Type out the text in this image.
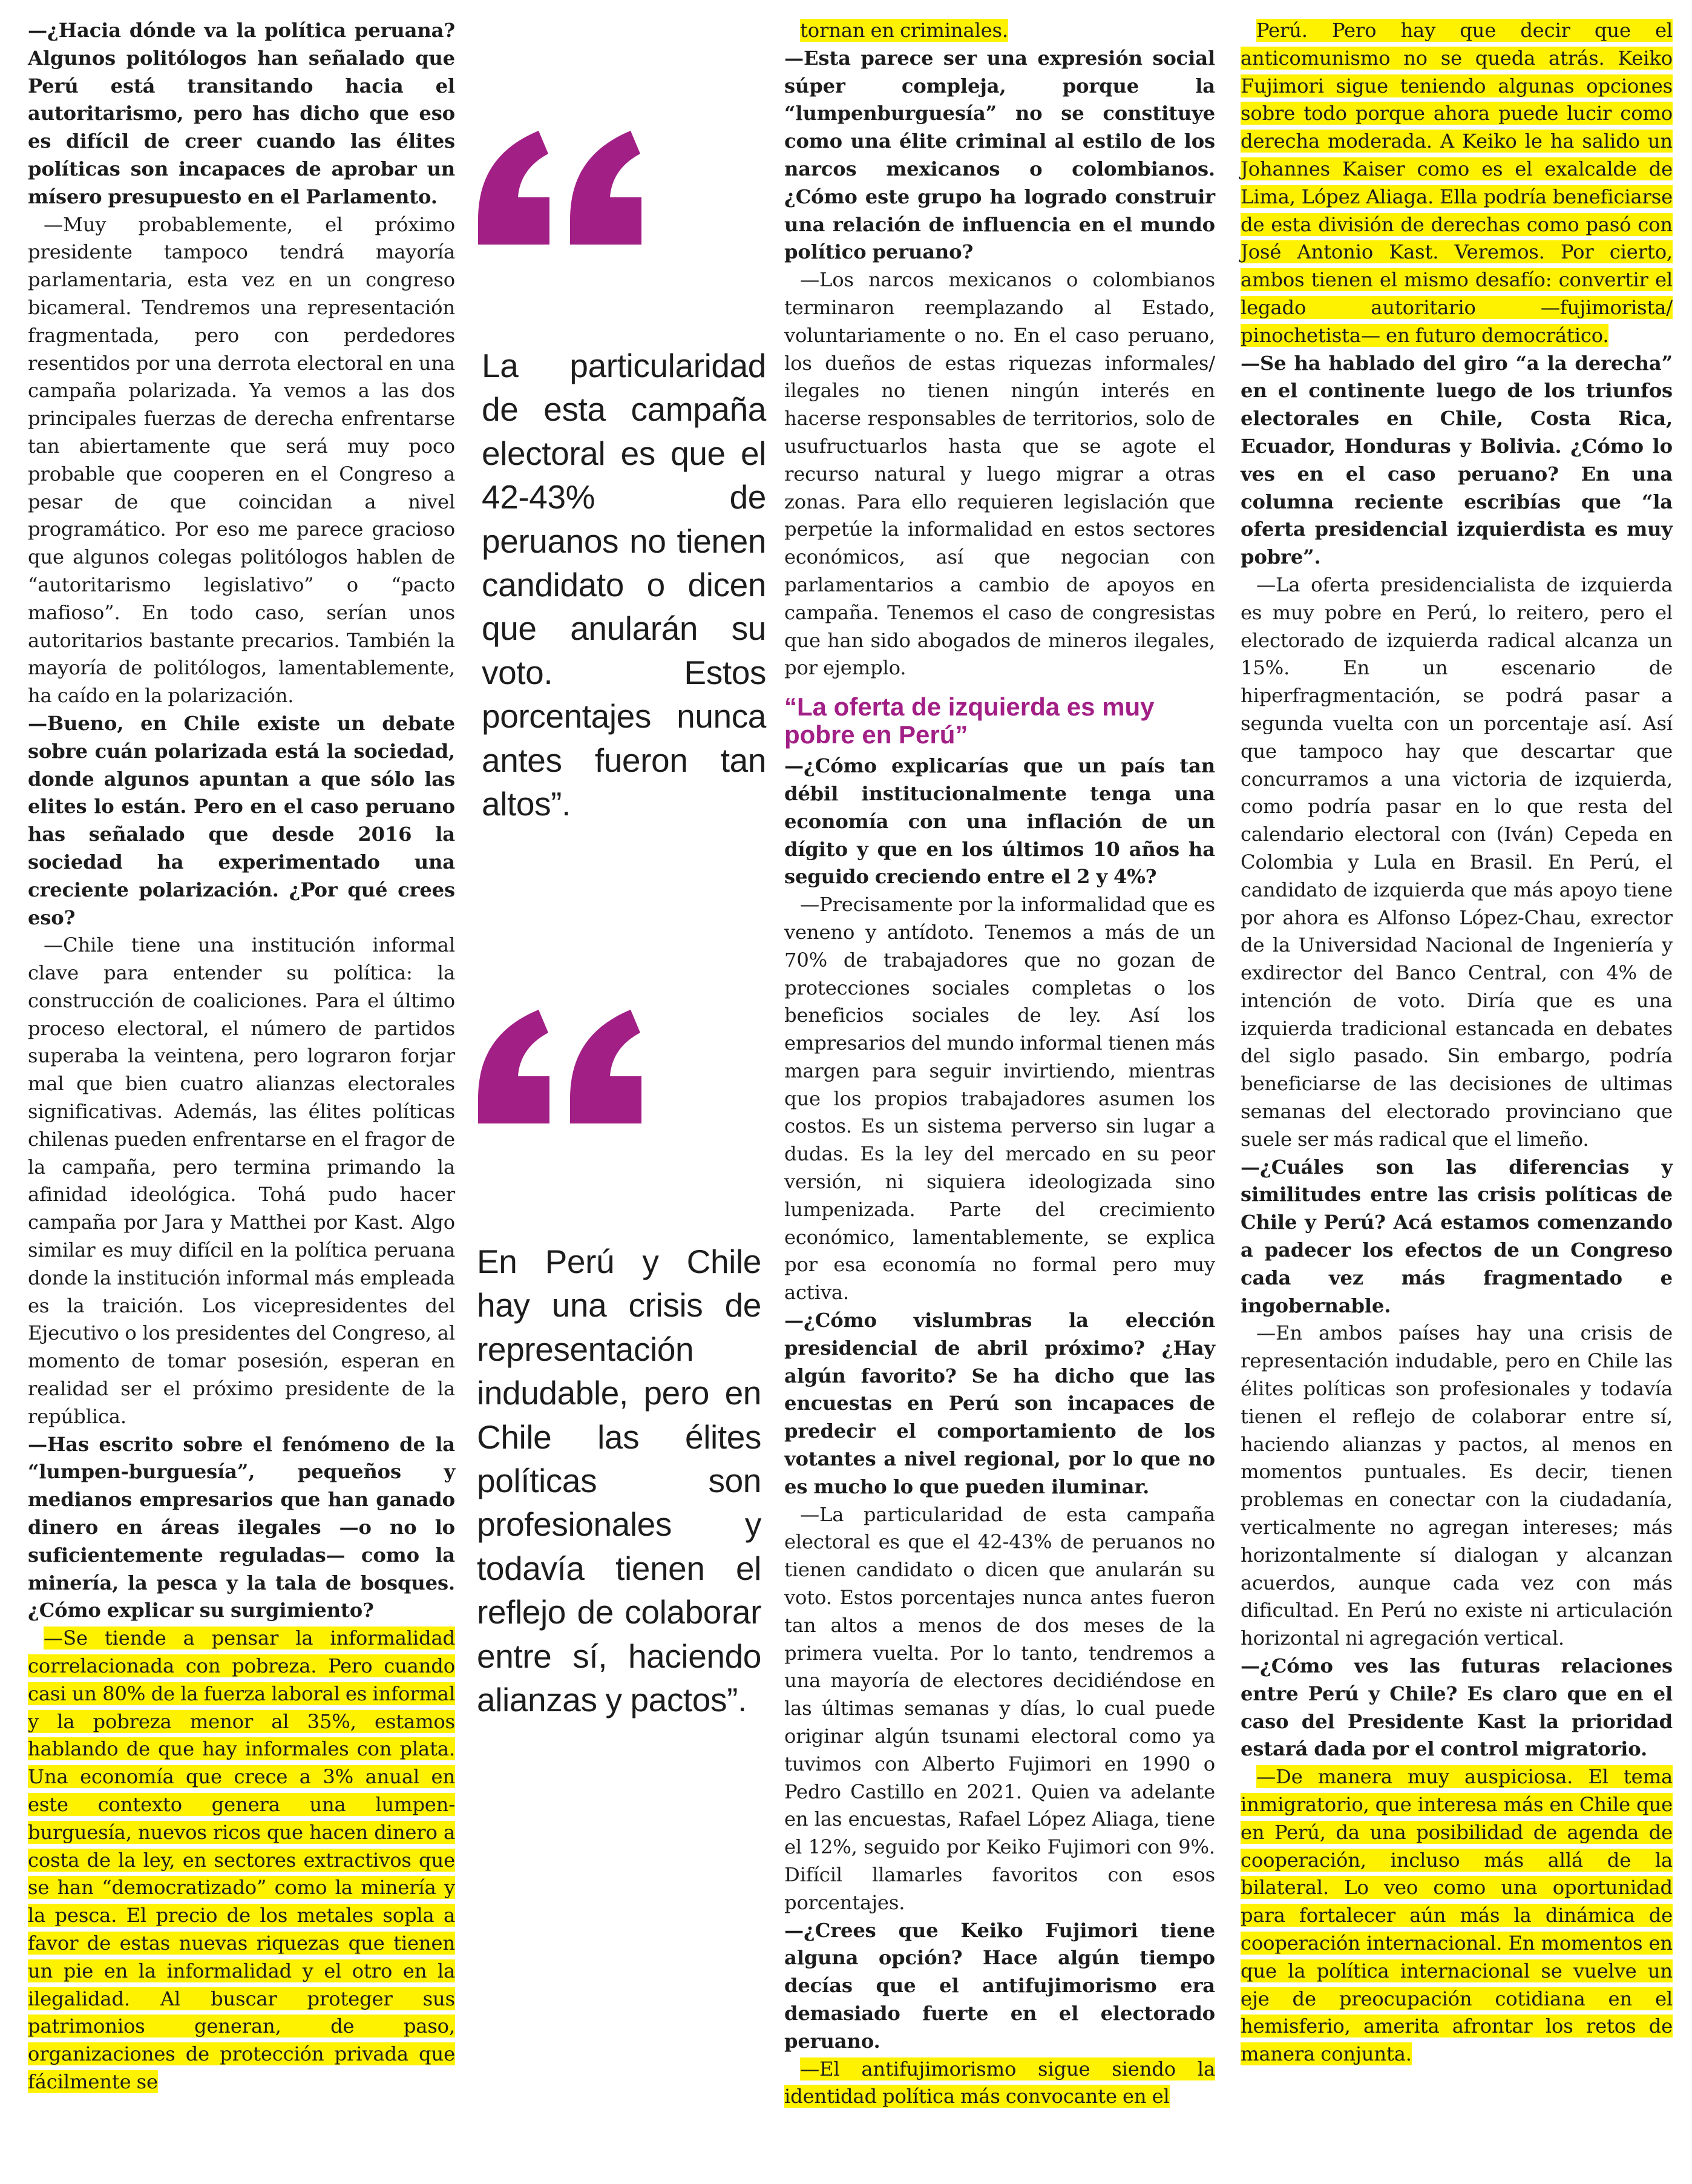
—¿Hacia dónde va la política peruana? Algunos politólogos han señalado que Perú está transitando hacia el autoritarismo, pero has dicho que eso es difícil de creer cuando las élites políticas son incapaces de aprobar un mísero presupuesto en el Parlamento.

—Muy probablemente, el próximo presidente tampoco tendrá mayoría parlamentaria, esta vez en un congreso bicameral. Tendremos una representación fragmentada, pero con perdedores resentidos por una derrota electoral en una campaña polarizada. Ya vemos a las dos principales fuerzas de derecha enfrentarse tan abiertamente que será muy poco probable que cooperen en el Congreso a pesar de que coincidan a nivel programático. Por eso me parece gracioso que algunos colegas politólogos hablen de “autoritarismo legislativo” o “pacto mafioso”. En todo caso, serían unos autoritarios bastante precarios. También la mayoría de politólogos, lamentablemente, ha caído en la polarización.

—Bueno, en Chile existe un debate sobre cuán polarizada está la sociedad, donde algunos apuntan a que sólo las elites lo están. Pero en el caso peruano has señalado que desde 2016 la sociedad ha experimentado una creciente polarización. ¿Por qué crees eso?

—Chile tiene una institución informal clave para entender su política: la construcción de coaliciones. Para el último proceso electoral, el número de partidos superaba la veintena, pero lograron forjar mal que bien cuatro alianzas electorales significativas. Además, las élites políticas chilenas pueden enfrentarse en el fragor de la campaña, pero termina primando la afinidad ideológica. Tohá pudo hacer campaña por Jara y Matthei por Kast. Algo similar es muy difícil en la política peruana donde la institución informal más empleada es la traición. Los vicepresidentes del Ejecutivo o los presidentes del Congreso, al momento de tomar posesión, esperan en realidad ser el próximo presidente de la república.

—Has escrito sobre el fenómeno de la “lumpen-burguesía”, pequeños y medianos empresarios que han ganado dinero en áreas ilegales —o no lo suficientemente reguladas— como la minería, la pesca y la tala de bosques. ¿Cómo explicar su surgimiento?

—Se tiende a pensar la informalidad correlacionada con pobreza. Pero cuando casi un 80% de la fuerza laboral es informal y la pobreza menor al 35%, estamos hablando de que hay informales con plata. Una economía que crece a 3% anual en este contexto genera una lumpen-burguesía, nuevos ricos que hacen dinero a costa de la ley, en sectores extractivos que se han “democratizado” como la minería y la pesca. El precio de los metales sopla a favor de estas nuevas riquezas que tienen un pie en la informalidad y el otro en la ilegalidad. Al buscar proteger sus patrimonios generan, de paso, organizaciones de protección privada que fácilmente se

La particularidad de esta campaña electoral es que el 42-43% de peruanos no tienen candidato o dicen que anularán su voto. Estos porcentajes nunca antes fueron tan altos”.

En Perú y Chile hay una crisis de representación indudable, pero en Chile las élites políticas son profesionales y todavía tienen el reflejo de colaborar entre sí, haciendo alianzas y pactos”.

tornan en criminales.

—Esta parece ser una expresión social súper compleja, porque la “lumpenburguesía” no se constituye como una élite criminal al estilo de los narcos mexicanos o colombianos. ¿Cómo este grupo ha logrado construir una relación de influencia en el mundo político peruano?

—Los narcos mexicanos o colombianos terminaron reemplazando al Estado, voluntariamente o no. En el caso peruano, los dueños de estas riquezas informales/ ilegales no tienen ningún interés en hacerse responsables de territorios, solo de usufructuarlos hasta que se agote el recurso natural y luego migrar a otras zonas. Para ello requieren legislación que perpetúe la informalidad en estos sectores económicos, así que negocian con parlamentarios a cambio de apoyos en campaña. Tenemos el caso de congresistas que han sido abogados de mineros ilegales, por ejemplo.

“La oferta de izquierda es muy pobre en Perú”

—¿Cómo explicarías que un país tan débil institucionalmente tenga una economía con una inflación de un dígito y que en los últimos 10 años ha seguido creciendo entre el 2 y 4%?

—Precisamente por la informalidad que es veneno y antídoto. Tenemos a más de un 70% de trabajadores que no gozan de protecciones sociales completas o los beneficios sociales de ley. Así los empresarios del mundo informal tienen más margen para seguir invirtiendo, mientras que los propios trabajadores asumen los costos. Es un sistema perverso sin lugar a dudas. Es la ley del mercado en su peor versión, ni siquiera ideologizada sino lumpenizada. Parte del crecimiento económico, lamentablemente, se explica por esa economía no formal pero muy activa.

—¿Cómo vislumbras la elección presidencial de abril próximo? ¿Hay algún favorito? Se ha dicho que las encuestas en Perú son incapaces de predecir el comportamiento de los votantes a nivel regional, por lo que no es mucho lo que pueden iluminar.

—La particularidad de esta campaña electoral es que el 42-43% de peruanos no tienen candidato o dicen que anularán su voto. Estos porcentajes nunca antes fueron tan altos a menos de dos meses de la primera vuelta. Por lo tanto, tendremos a una mayoría de electores decidiéndose en las últimas semanas y días, lo cual puede originar algún tsunami electoral como ya tuvimos con Alberto Fujimori en 1990 o Pedro Castillo en 2021. Quien va adelante en las encuestas, Rafael López Aliaga, tiene el 12%, seguido por Keiko Fujimori con 9%. Difícil llamarles favoritos con esos porcentajes.

—¿Crees que Keiko Fujimori tiene alguna opción? Hace algún tiempo decías que el antifujimorismo era demasiado fuerte en el electorado peruano.

—El antifujimorismo sigue siendo la identidad política más convocante en el

Perú. Pero hay que decir que el anticomunismo no se queda atrás. Keiko Fujimori sigue teniendo algunas opciones sobre todo porque ahora puede lucir como derecha moderada. A Keiko le ha salido un Johannes Kaiser como es el exalcalde de Lima, López Aliaga. Ella podría beneficiarse de esta división de derechas como pasó con José Antonio Kast. Veremos. Por cierto, ambos tienen el mismo desafío: convertir el legado autoritario —fujimorista/ pinochetista— en futuro democrático.

—Se ha hablado del giro “a la derecha” en el continente luego de los triunfos electorales en Chile, Costa Rica, Ecuador, Honduras y Bolivia. ¿Cómo lo ves en el caso peruano? En una columna reciente escribías que “la oferta presidencial izquierdista es muy pobre”.

—La oferta presidencialista de izquierda es muy pobre en Perú, lo reitero, pero el electorado de izquierda radical alcanza un 15%. En un escenario de hiperfragmentación, se podrá pasar a segunda vuelta con un porcentaje así. Así que tampoco hay que descartar que concurramos a una victoria de izquierda, como podría pasar en lo que resta del calendario electoral con (Iván) Cepeda en Colombia y Lula en Brasil. En Perú, el candidato de izquierda que más apoyo tiene por ahora es Alfonso López-Chau, exrector de la Universidad Nacional de Ingeniería y exdirector del Banco Central, con 4% de intención de voto. Diría que es una izquierda tradicional estancada en debates del siglo pasado. Sin embargo, podría beneficiarse de las decisiones de ultimas semanas del electorado provinciano que suele ser más radical que el limeño.

—¿Cuáles son las diferencias y similitudes entre las crisis políticas de Chile y Perú? Acá estamos comenzando a padecer los efectos de un Congreso cada vez más fragmentado e ingobernable.

—En ambos países hay una crisis de representación indudable, pero en Chile las élites políticas son profesionales y todavía tienen el reflejo de colaborar entre sí, haciendo alianzas y pactos, al menos en momentos puntuales. Es decir, tienen problemas en conectar con la ciudadanía, verticalmente no agregan intereses; más horizontalmente sí dialogan y alcanzan acuerdos, aunque cada vez con más dificultad. En Perú no existe ni articulación horizontal ni agregación vertical.

—¿Cómo ves las futuras relaciones entre Perú y Chile? Es claro que en el caso del Presidente Kast la prioridad estará dada por el control migratorio.

—De manera muy auspiciosa. El tema inmigratorio, que interesa más en Chile que en Perú, da una posibilidad de agenda de cooperación, incluso más allá de la bilateral. Lo veo como una oportunidad para fortalecer aún más la dinámica de cooperación internacional. En momentos en que la política internacional se vuelve un eje de preocupación cotidiana en el hemisferio, amerita afrontar los retos de manera conjunta.
